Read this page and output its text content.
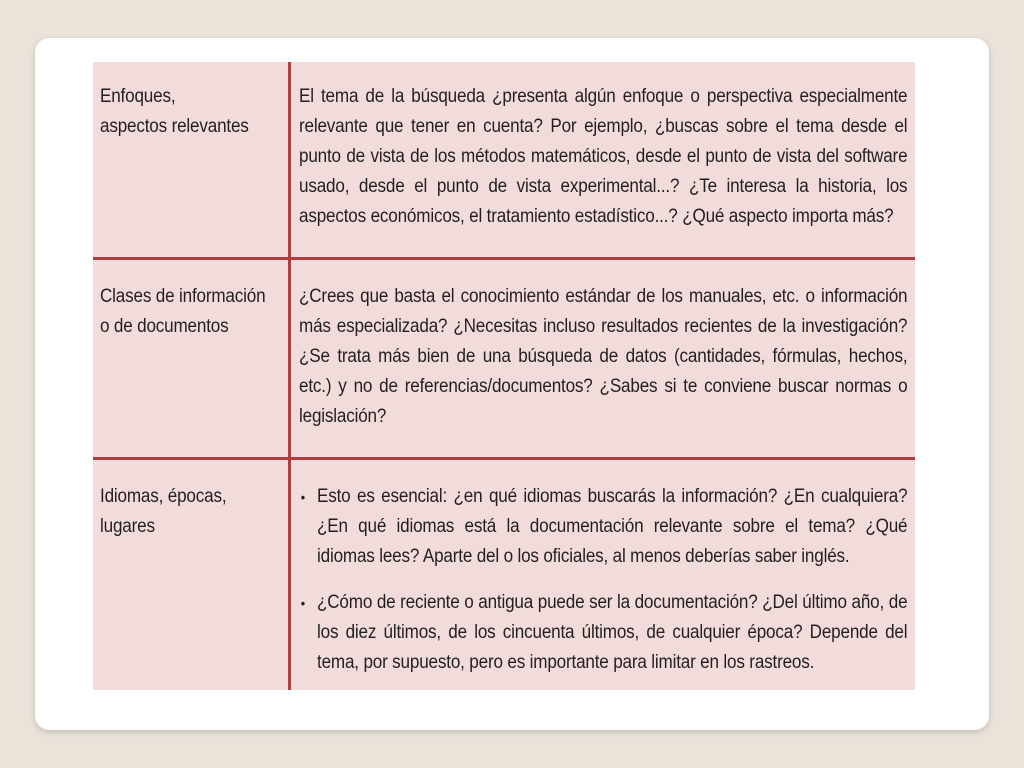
Enfoques,
aspectos relevantes
El tema de la búsqueda ¿presenta algún enfoque o perspectiva especialmente relevante que tener en cuenta? Por ejemplo, ¿buscas sobre el tema desde el punto de vista de los métodos matemáticos, desde el punto de vista del software usado, desde el punto de vista experimental...? ¿Te interesa la historia, los aspectos económicos, el tratamiento estadístico...? ¿Qué aspecto importa más?
Clases de información
o de documentos
¿Crees que basta el conocimiento estándar de los manuales, etc. o información más especializada? ¿Necesitas incluso resultados recientes de la investigación? ¿Se trata más bien de una búsqueda de datos (cantidades, fórmulas, hechos, etc.) y no de referencias/documentos? ¿Sabes si te conviene buscar normas o legislación?
Idiomas, épocas,
lugares
• Esto es esencial: ¿en qué idiomas buscarás la información? ¿En cualquiera? ¿En qué idiomas está la documentación relevante sobre el tema? ¿Qué idiomas lees? Aparte del o los oficiales, al menos deberías saber inglés.
• ¿Cómo de reciente o antigua puede ser la documentación? ¿Del último año, de los diez últimos, de los cincuenta últimos, de cualquier época? Depende del tema, por supuesto, pero es importante para limitar en los rastreos.
